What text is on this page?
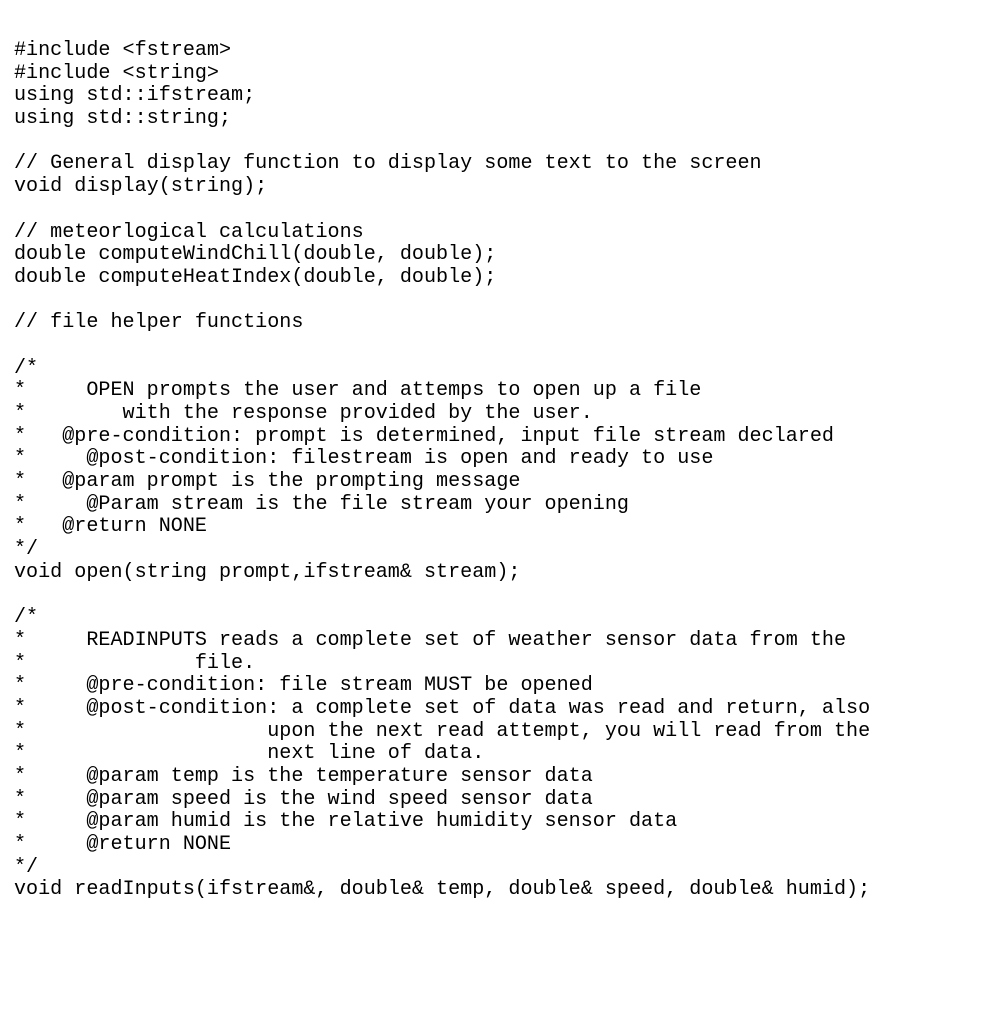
#include <fstream>
#include <string>
using std::ifstream;
using std::string;
// General display function to display some text to the screen
void display(string);
// meteorlogical calculations
double computeWindChill(double, double);
double computeHeatIndex(double, double);
// file helper functions
/*
*     OPEN prompts the user and attemps to open up a file
*        with the response provided by the user.
*   @pre-condition: prompt is determined, input file stream declared
*     @post-condition: filestream is open and ready to use
*   @param prompt is the prompting message
*     @Param stream is the file stream your opening
*   @return NONE
*/
void open(string prompt,ifstream& stream);
/*
*     READINPUTS reads a complete set of weather sensor data from the
*              file.
*     @pre-condition: file stream MUST be opened
*     @post-condition: a complete set of data was read and return, also
*                    upon the next read attempt, you will read from the
*                    next line of data.
*     @param temp is the temperature sensor data
*     @param speed is the wind speed sensor data
*     @param humid is the relative humidity sensor data
*     @return NONE
*/
void readInputs(ifstream&, double& temp, double& speed, double& humid);
